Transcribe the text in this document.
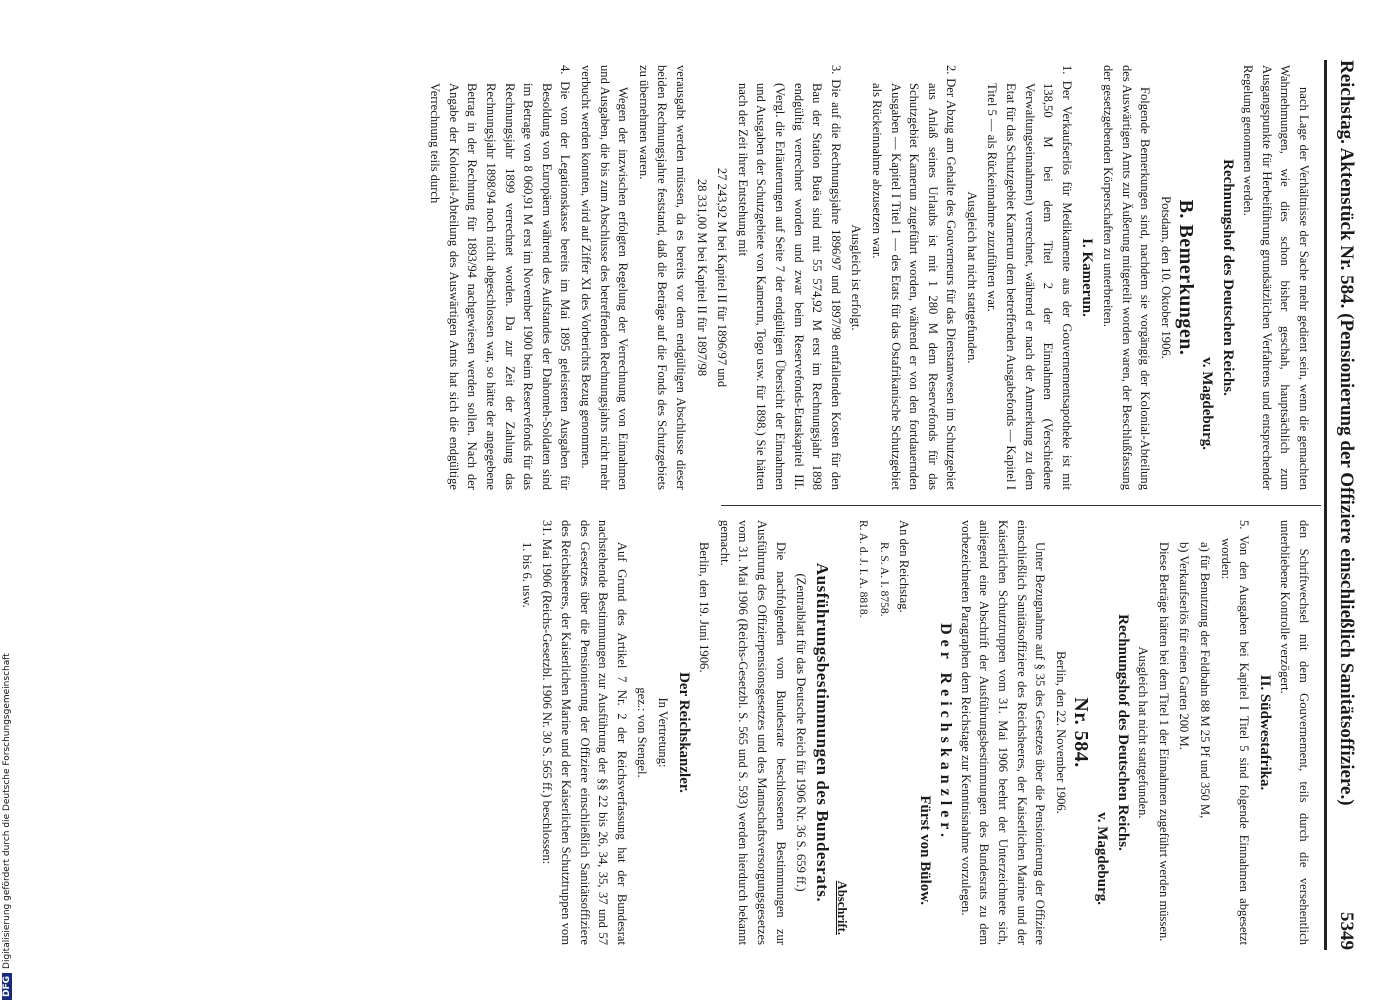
Reichstag. Aktenstück Nr. 584. (Pensionierung der Offiziere einschließlich Sanitätsoffiziere.)
5349

nach Lage der Verhältnisse der Sache mehr gedient sein, wenn die gemachten Wahrnehmungen, wie dies schon bisher geschah, hauptsächlich zum Ausgangspunkte für Herbeiführung grundsätzlichen Verfahrens und entsprechender Regelung genommen werden.

Rechnungshof des Deutschen Reichs.

v. Magdeburg.

B. Bemerkungen.

Potsdam, den 10. Oktober 1906.

Folgende Bemerkungen sind, nachdem sie vorgängig der Kolonial-Abteilung des Auswärtigen Amts zur Äußerung mitgeteilt worden waren, der Beschlußfassung der gesetzgebenden Körperschaften zu unterbreiten.

I. Kamerun.

1. Der Verkaufserlös für Medikamente aus der Gouvernementsapotheke ist mit 138,50 M bei dem Titel 2 der Einnahmen (Verschiedene Verwaltungseinnahmen) verrechnet, während er nach der Anmerkung zu dem Etat für das Schutzgebiet Kamerun dem betreffenden Ausgabefonds — Kapitel I Titel 5 — als Rückeinnahme zuzuführen war.

Ausgleich hat nicht stattgefunden.

2. Der Abzug am Gehalte des Gouverneurs für das Dienstanwesen im Schutzgebiet aus Anlaß seines Urlaubs ist mit 1 280 M dem Reservefonds für das Schutzgebiet Kamerun zugeführt worden, während er von den fortdauernden Ausgaben — Kapitel I Titel 1 — des Etats für das Ostafrikanische Schutzgebiet als Rückeinnahme abzusetzen war.

Ausgleich ist erfolgt.

3. Die auf die Rechnungsjahre 1896/97 und 1897/98 entfallenden Kosten für den Bau der Station Buëa sind mit 55 574,92 M erst im Rechnungsjahr 1898 endgültig verrechnet worden und zwar beim Reservefonds-Etatskapitel III. (Vergl. die Erläuterungen auf Seite 7 der endgültigen Übersicht der Einnahmen und Ausgaben der Schutzgebiete von Kamerun, Togo usw. für 1898.) Sie hätten nach der Zeit ihrer Entstehung mit

27 243,92 M bei Kapitel II für 1896/97 und

28 331,00 M bei Kapitel II für 1897/98

verausgabt werden müssen, da es bereits vor dem endgültigen Abschlusse dieser beiden Rechnungsjahre feststand, daß die Beträge auf die Fonds des Schutzgebiets zu übernehmen waren.

Wegen der inzwischen erfolgten Regelung der Verrechnung von Einnahmen und Ausgaben, die bis zum Abschlusse des betreffenden Rechnungsjahrs nicht mehr verbucht werden konnten, wird auf Ziffer XI des Vorberichts Bezug genommen.

4. Die von der Legationskasse bereits im Mai 1895 geleisteten Ausgaben für Besoldung von Europäern während des Aufstandes der Dahomeh-Soldaten sind im Betrage von 8 060,91 M erst im November 1900 beim Reservefonds für das Rechnungsjahr 1899 verrechnet worden. Da zur Zeit der Zahlung das Rechnungsjahr 1898/94 noch nicht abgeschlossen war, so hätte der angegebene Betrag in der Rechnung für 1893/94 nachgewiesen werden sollen. Nach der Angabe der Kolonial-Abteilung des Auswärtigen Amts hat sich die endgültige Verrechnung teils durch

den Schriftwechsel mit dem Gouvernement, teils durch die versehentlich unterbliebene Kontrolle verzögert.

II. Südwestafrika.

5. Von den Ausgaben bei Kapitel I Titel 5 sind folgende Einnahmen abgesetzt worden:

a) für Benutzung der Feldbahn 88 M 25 Pf und 350 M,

b) Verkaufserlös für einen Garten 200 M.

Diese Beträge hätten bei dem Titel 1 der Einnahmen zugeführt werden müssen.

Ausgleich hat nicht stattgefunden.

Rechnungshof des Deutschen Reichs.

v. Magdeburg.

Nr. 584.

Berlin, den 22. November 1906.

Unter Bezugnahme auf § 35 des Gesetzes über die Pensionierung der Offiziere einschließlich Sanitätsoffiziere des Reichsheeres, der Kaiserlichen Marine und der Kaiserlichen Schutztruppen vom 31. Mai 1906 beehrt der Unterzeichnete sich, anliegend eine Abschrift der Ausführungsbestimmungen des Bundesrats zu dem vorbezeichneten Paragraphen dem Reichstage zur Kenntnisnahme vorzulegen.

Der Reichskanzler.

Fürst von Bülow.

An den Reichstag.

R. S. A. I. 8758.

R. A. d. J. I. A. 8818.

Abschrift.

Ausführungsbestimmungen des Bundesrats.

(Zentralblatt für das Deutsche Reich für 1906 Nr. 36 S. 659 ff.)

Die nachfolgenden vom Bundesrate beschlossenen Bestimmungen zur Ausführung des Offizierpensionsgesetzes und des Mannschaftsversorgungsgesetzes vom 31. Mai 1906 (Reichs-Gesetzbl. S. 565 und S. 593) werden hierdurch bekannt gemacht.

Berlin, den 19. Juni 1906.

Der Reichskanzler.

In Vertretung:

gez.: von Stengel.

Auf Grund des Artikel 7 Nr. 2 der Reichsverfassung hat der Bundesrat nachstehende Bestimmungen zur Ausführung der §§ 22 bis 26, 34, 35, 37 und 57 des Gesetzes über die Pensionierung der Offiziere einschließlich Sanitätsoffiziere des Reichsheeres, der Kaiserlichen Marine und der Kaiserlichen Schutztruppen vom 31. Mai 1906 (Reichs-Gesetzbl. 1906 Nr. 30 S. 565 ff.) beschlossen:

1. bis 6. usw.

DFGDigitalisierung gefördert durch die Deutsche Forschungsgemeinschaft
